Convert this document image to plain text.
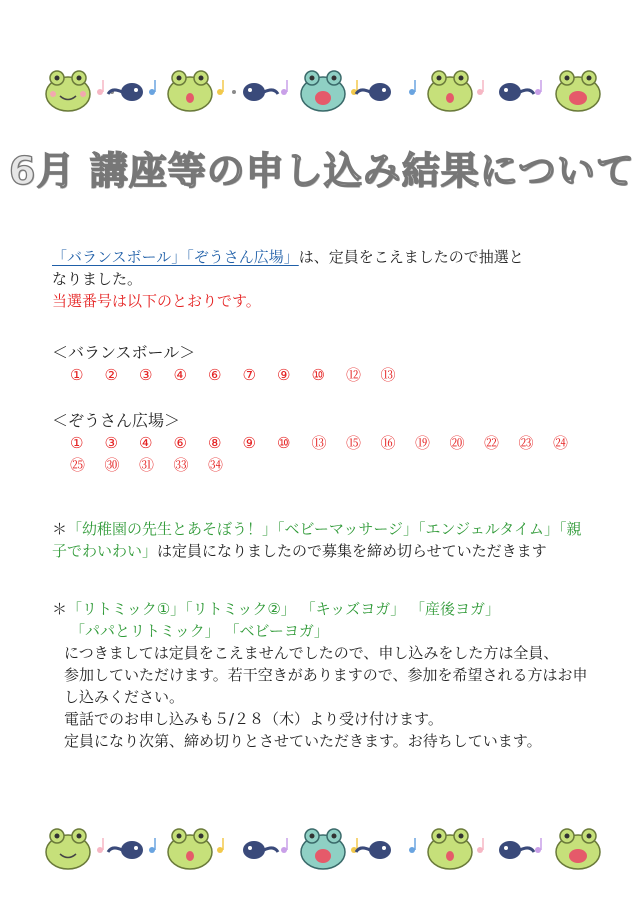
6月 講座等の申し込み結果について
「バランスボール」「ぞうさん広場」は、定員をこえましたので抽選と
なりました。
当選番号は以下のとおりです。
＜バランスボール＞
① ② ③ ④ ⑥ ⑦ ⑨ ⑩ ⑫ ⑬
＜ぞうさん広場＞
① ③ ④ ⑥ ⑧ ⑨ ⑩ ⑬ ⑮ ⑯ ⑲ ⑳ ㉒ ㉓ ㉔
㉕ ㉚ ㉛ ㉝ ㉞
＊「幼稚園の先生とあそぼう！」「ベビーマッサージ」「エンジェルタイム」「親
子でわいわい」は定員になりましたので募集を締め切らせていただきます
＊「リトミック①」「リトミック②」 「キッズヨガ」 「産後ヨガ」
「パパとリトミック」 「ベビーヨガ」
につきましては定員をこえませんでしたので、申し込みをした方は全員、
参加していただけます。若干空きがありますので、参加を希望される方はお申
し込みください。
電話でのお申し込みも５/２８（木）より受け付けます。
定員になり次第、締め切りとさせていただきます。お待ちしています。
